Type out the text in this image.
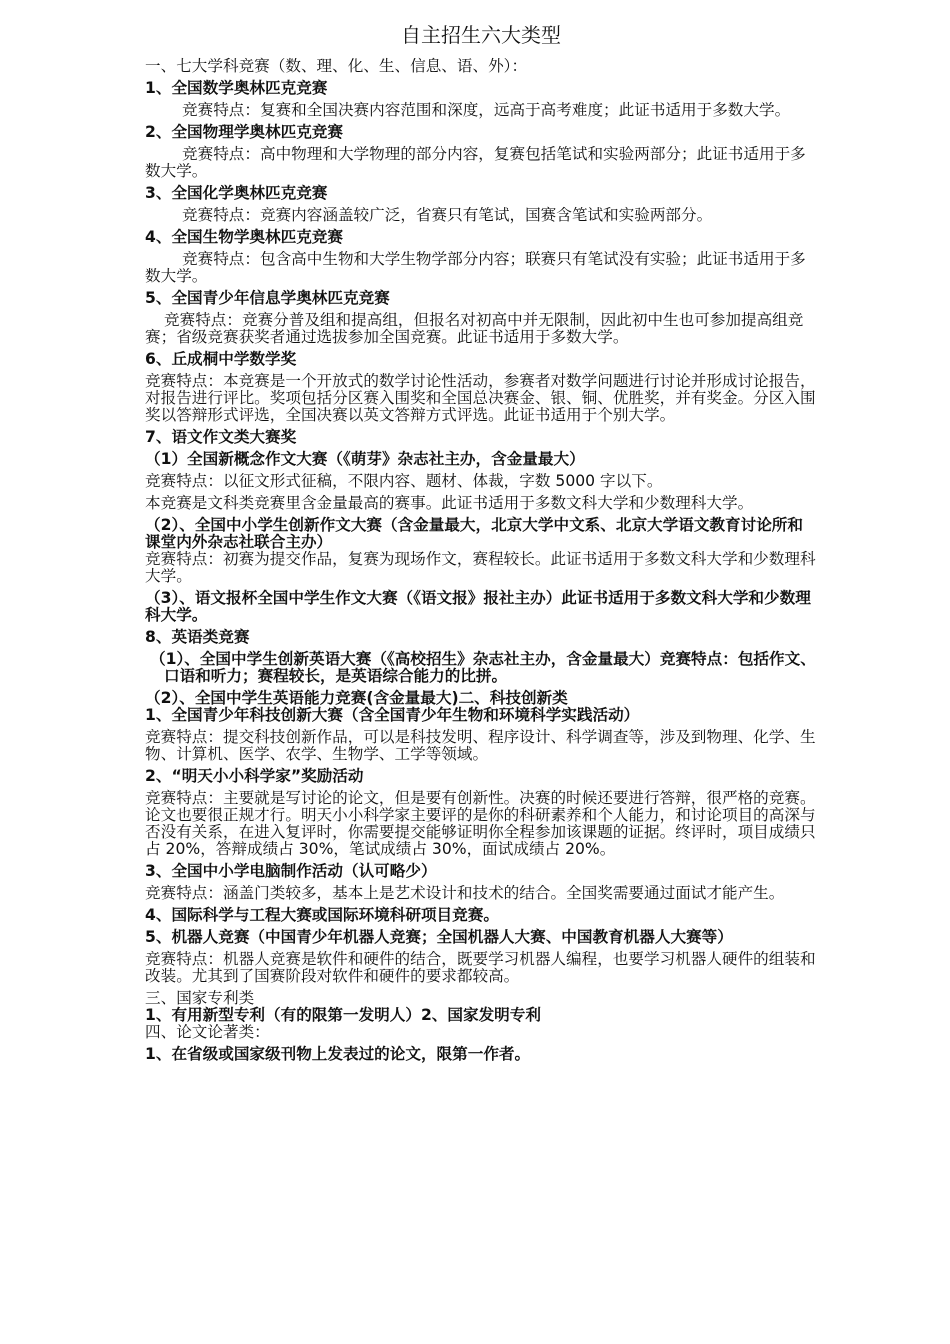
自主招生六大类型
一、七大学科竞赛（数、理、化、生、信息、语、外）：
1、全国数学奥林匹克竞赛
竞赛特点：复赛和全国决赛内容范围和深度，远高于高考难度；此证书适用于多数大学。
2、全国物理学奥林匹克竞赛
竞赛特点：高中物理和大学物理的部分内容，复赛包括笔试和实验两部分；此证书适用于多数大学。
3、全国化学奥林匹克竞赛
竞赛特点：竞赛内容涵盖较广泛，省赛只有笔试，国赛含笔试和实验两部分。
4、全国生物学奥林匹克竞赛
竞赛特点：包含高中生物和大学生物学部分内容；联赛只有笔试没有实验；此证书适用于多数大学。
5、全国青少年信息学奥林匹克竞赛
竞赛特点：竞赛分普及组和提高组，但报名对初高中并无限制，因此初中生也可参加提高组竞赛；省级竞赛获奖者通过选拔参加全国竞赛。此证书适用于多数大学。
6、丘成桐中学数学奖
竞赛特点：本竞赛是一个开放式的数学讨论性活动，参赛者对数学问题进行讨论并形成讨论报告，对报告进行评比。奖项包括分区赛入围奖和全国总决赛金、银、铜、优胜奖，并有奖金。分区入围奖以答辩形式评选，全国决赛以英文答辩方式评选。此证书适用于个别大学。
7、语文作文类大赛奖
（1）全国新概念作文大赛（《萌芽》杂志社主办，含金量最大）
竞赛特点：以征文形式征稿，不限内容、题材、体裁，字数 5000 字以下。
本竞赛是文科类竞赛里含金量最高的赛事。此证书适用于多数文科大学和少数理科大学。
（2）、全国中小学生创新作文大赛（含金量最大，北京大学中文系、北京大学语文教育讨论所和课堂内外杂志社联合主办）
竞赛特点：初赛为提交作品，复赛为现场作文，赛程较长。此证书适用于多数文科大学和少数理科大学。
（3）、语文报杯全国中学生作文大赛（《语文报》报社主办）此证书适用于多数文科大学和少数理科大学。
8、英语类竞赛
（1）、全国中学生创新英语大赛（《高校招生》杂志社主办，含金量最大）竞赛特点：包括作文、口语和听力；赛程较长，是英语综合能力的比拼。
（2）、全国中学生英语能力竞赛(含金量最大)二、科技创新类
1、全国青少年科技创新大赛（含全国青少年生物和环境科学实践活动）
竞赛特点：提交科技创新作品，可以是科技发明、程序设计、科学调查等，涉及到物理、化学、生物、计算机、医学、农学、生物学、工学等领域。
2、“明天小小科学家”奖励活动
竞赛特点：主要就是写讨论的论文，但是要有创新性。决赛的时候还要进行答辩，很严格的竞赛。论文也要很正规才行。明天小小科学家主要评的是你的科研素养和个人能力，和讨论项目的高深与否没有关系，在进入复评时，你需要提交能够证明你全程参加该课题的证据。终评时，项目成绩只占 20%，答辩成绩占 30%，笔试成绩占 30%，面试成绩占 20%。
3、全国中小学电脑制作活动（认可略少）
竞赛特点：涵盖门类较多，基本上是艺术设计和技术的结合。全国奖需要通过面试才能产生。
4、国际科学与工程大赛或国际环境科研项目竞赛。
5、机器人竞赛（中国青少年机器人竞赛；全国机器人大赛、中国教育机器人大赛等）
竞赛特点：机器人竞赛是软件和硬件的结合，既要学习机器人编程，也要学习机器人硬件的组装和改装。尤其到了国赛阶段对软件和硬件的要求都较高。
三、国家专利类
1、有用新型专利（有的限第一发明人）2、国家发明专利
四、论文论著类：
1、在省级或国家级刊物上发表过的论文，限第一作者。
